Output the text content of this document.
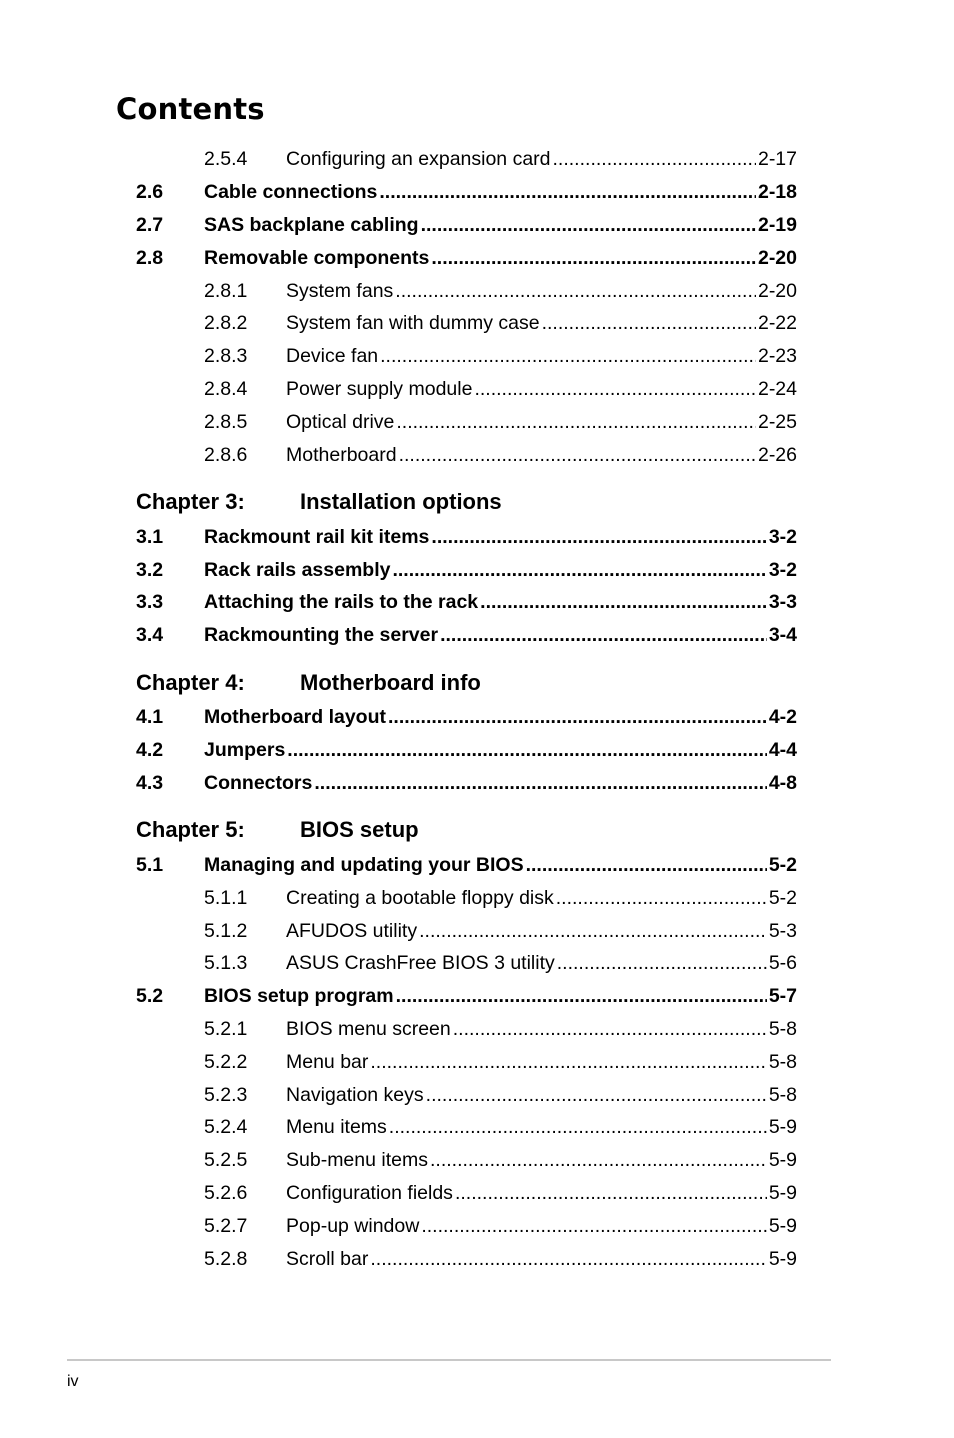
Contents
2.5.4 Configuring an expansion card .....	2-17
2.6 Cable connections .....	2-18
2.7 SAS backplane cabling .....	2-19
2.8 Removable components .....	2-20
2.8.1 System fans .....	2-20
2.8.2 System fan with dummy case .....	2-22
2.8.3 Device fan .....	2-23
2.8.4 Power supply module .....	2-24
2.8.5 Optical drive .....	2-25
2.8.6 Motherboard .....	2-26
Chapter 3:	Installation options
3.1 Rackmount rail kit items .....	3-2
3.2 Rack rails assembly .....	3-2
3.3 Attaching the rails to the rack .....	3-3
3.4 Rackmounting the server .....	3-4
Chapter 4:	Motherboard info
4.1 Motherboard layout .....	4-2
4.2 Jumpers .....	4-4
4.3 Connectors .....	4-8
Chapter 5:	BIOS setup
5.1 Managing and updating your BIOS .....	5-2
5.1.1 Creating a bootable floppy disk .....	5-2
5.1.2 AFUDOS utility .....	5-3
5.1.3 ASUS CrashFree BIOS 3 utility .....	5-6
5.2 BIOS setup program .....	5-7
5.2.1 BIOS menu screen .....	5-8
5.2.2 Menu bar .....	5-8
5.2.3 Navigation keys .....	5-8
5.2.4 Menu items .....	5-9
5.2.5 Sub-menu items .....	5-9
5.2.6 Configuration fields .....	5-9
5.2.7 Pop-up window .....	5-9
5.2.8 Scroll bar .....	5-9
iv
